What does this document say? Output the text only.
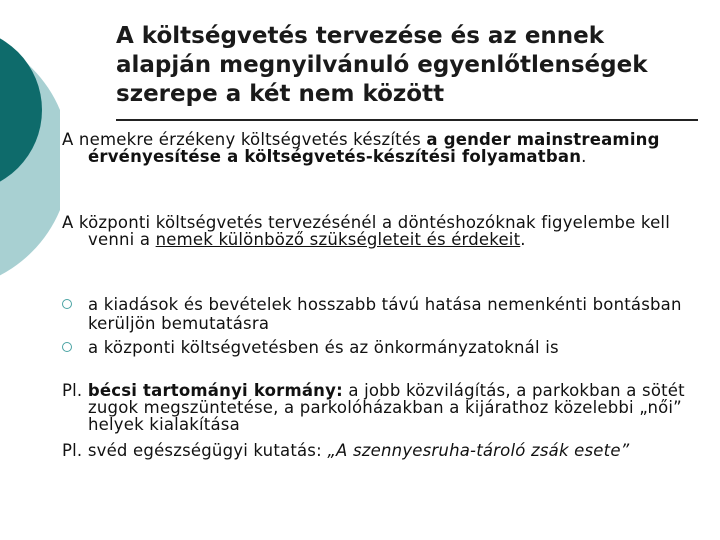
A költségvetés tervezése és az ennek alapján megnyilvánuló egyenlőtlenségek szerepe a két nem között

A nemekre érzékeny költségvetés készítés a gender mainstreaming érvényesítése a költségvetés-készítési folyamatban.

A központi költségvetés tervezésénél a döntéshozóknak figyelembe kell venni a nemek különböző szükségleteit és érdekeit.

a kiadások és bevételek hosszabb távú hatása nemenkénti bontásban kerüljön bemutatásra
a központi költségvetésben és az önkormányzatoknál is

Pl. bécsi tartományi kormány: a jobb közvilágítás, a parkokban a sötét zugok megszüntetése, a parkolóházakban a kijárathoz közelebbi „női” helyek kialakítása

Pl. svéd egészségügyi kutatás: „A szennyesruha-tároló zsák esete”
